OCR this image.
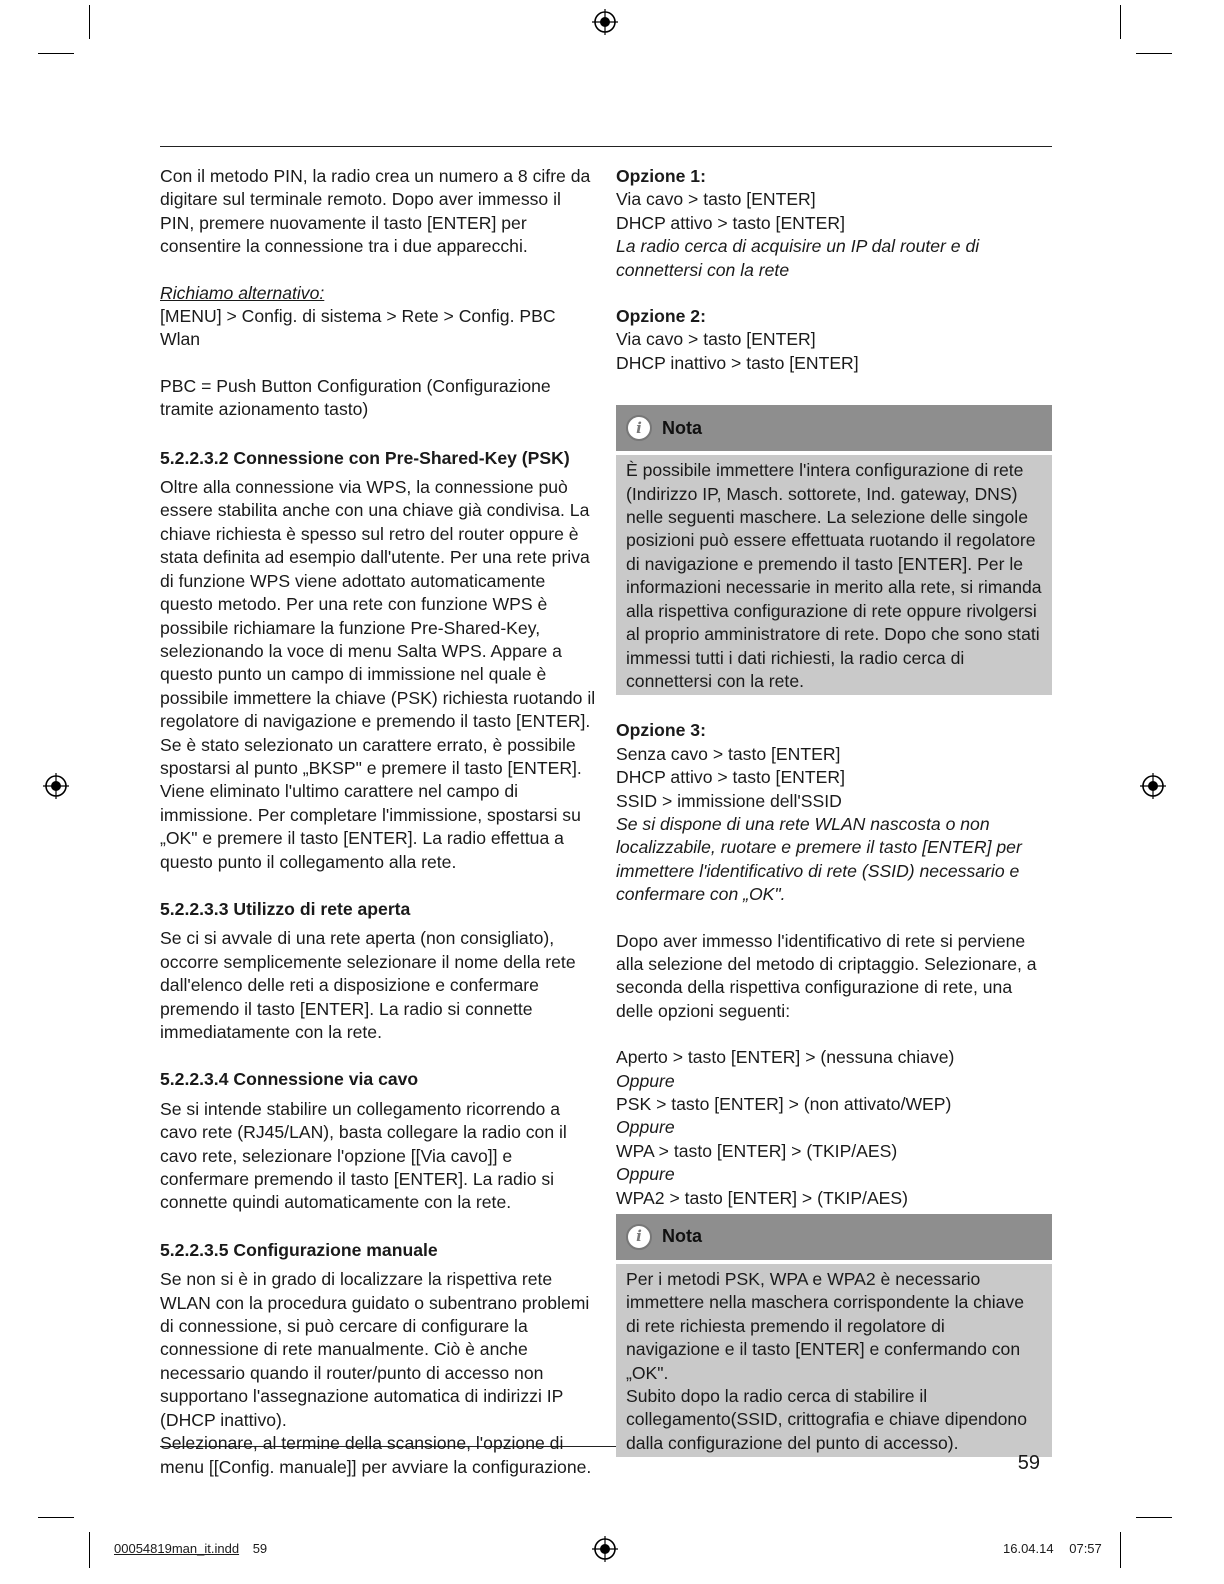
Con il metodo PIN, la radio crea un numero a 8 cifre da digitare sul terminale remoto. Dopo aver immesso il PIN, premere nuovamente il tasto [ENTER] per consentire la connessione tra i due apparecchi.

Richiamo alternativo:

[MENU] > Config. di sistema > Rete > Config. PBC Wlan

PBC = Push Button Configuration (Configurazione tramite azionamento tasto)

5.2.2.3.2 Connessione con Pre-Shared-Key (PSK)

Oltre alla connessione via WPS, la connessione può essere stabilita anche con una chiave già condivisa. La chiave richiesta è spesso sul retro del router oppure è stata definita ad esempio dall'utente. Per una rete priva di funzione WPS viene adottato automaticamente questo metodo. Per una rete con funzione WPS è possibile richiamare la funzione Pre-Shared-Key, selezionando la voce di menu Salta WPS. Appare a questo punto un campo di immissione nel quale è possibile immettere la chiave (PSK) richiesta ruotando il regolatore di navigazione e premendo il tasto [ENTER]. Se è stato selezionato un carattere errato, è possibile spostarsi al punto „BKSP" e premere il tasto [ENTER]. Viene eliminato l'ultimo carattere nel campo di immissione. Per completare l'immissione, spostarsi su „OK" e premere il tasto [ENTER]. La radio effettua a questo punto il collegamento alla rete.

5.2.2.3.3 Utilizzo di rete aperta

Se ci si avvale di una rete aperta (non consigliato), occorre semplicemente selezionare il nome della rete dall'elenco delle reti a disposizione e confermare premendo il tasto [ENTER]. La radio si connette immediatamente con la rete.

5.2.2.3.4 Connessione via cavo

Se si intende stabilire un collegamento ricorrendo a cavo rete (RJ45/LAN), basta collegare la radio con il cavo rete, selezionare l'opzione [[Via cavo]] e confermare premendo il tasto [ENTER]. La radio si connette quindi automaticamente con la rete.

5.2.2.3.5 Configurazione manuale

Se non si è in grado di localizzare la rispettiva rete WLAN con la procedura guidato o subentrano problemi di connessione, si può cercare di configurare la connessione di rete manualmente. Ciò è anche necessario quando il router/punto di accesso non supportano l'assegnazione automatica di indirizzi IP (DHCP inattivo).

Selezionare, al termine della scansione, l'opzione di menu [[Config. manuale]] per avviare la configurazione.

Opzione 1:

Via cavo > tasto [ENTER]

DHCP attivo > tasto [ENTER]

La radio cerca di acquisire un IP dal router e di connettersi con la rete

Opzione 2:

Via cavo > tasto [ENTER]

DHCP inattivo > tasto [ENTER]

i	Nota

È possibile immettere l'intera configurazione di rete (Indirizzo IP, Masch. sottorete, Ind. gateway, DNS) nelle seguenti maschere. La selezione delle singole posizioni può essere effettuata ruotando il regolatore di navigazione e premendo il tasto [ENTER]. Per le informazioni necessarie in merito alla rete, si rimanda alla rispettiva configurazione di rete oppure rivolgersi al proprio amministratore di rete. Dopo che sono stati immessi tutti i dati richiesti, la radio cerca di connettersi con la rete.

Opzione 3:

Senza cavo > tasto [ENTER]

DHCP attivo > tasto [ENTER]

SSID > immissione dell'SSID

Se si dispone di una rete WLAN nascosta o non localizzabile, ruotare e premere il tasto [ENTER] per immettere l'identificativo di rete (SSID) necessario e confermare con „OK".

Dopo aver immesso l'identificativo di rete si perviene alla selezione del metodo di criptaggio. Selezionare, a seconda della rispettiva configurazione di rete, una delle opzioni seguenti:

Aperto > tasto [ENTER] > (nessuna chiave)

Oppure

PSK > tasto [ENTER] > (non attivato/WEP)

Oppure

WPA > tasto [ENTER] > (TKIP/AES)

Oppure

WPA2 > tasto [ENTER] > (TKIP/AES)

i	Nota

Per i metodi PSK, WPA e WPA2 è necessario immettere nella maschera corrispondente la chiave di rete richiesta premendo il regolatore di navigazione e il tasto [ENTER] e confermando con „OK".

Subito dopo la radio cerca di stabilire il collegamento(SSID, crittografia e chiave dipendono dalla configurazione del punto di accesso).

59
00054819man_it.indd 59	16.04.14 07:57
